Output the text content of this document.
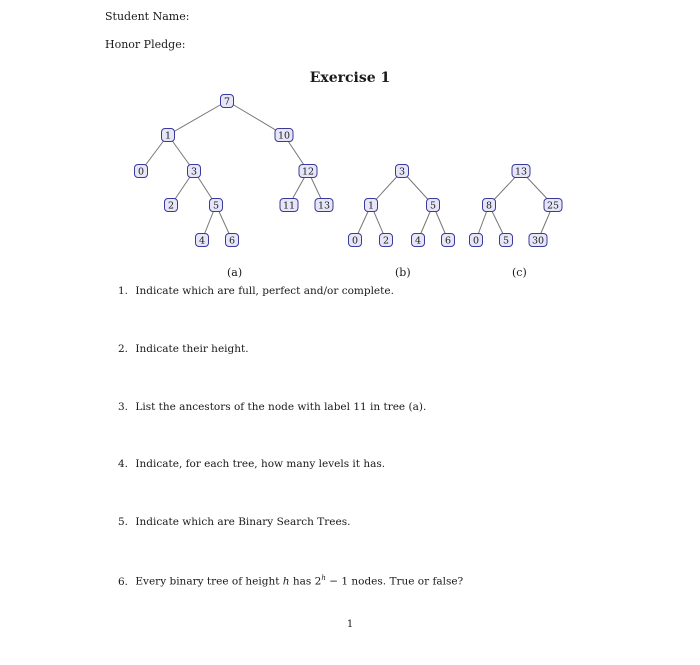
Student Name:
Honor Pledge:
Exercise 1
7
1	10
0	3	12
2	5	11 13
4	6
3
1	5
0	2	4	6
13
8	25
0	5 30
(a)	(b)	(c)
1. Indicate which are full, perfect and/or complete.
2. Indicate their height.
3. List the ancestors of the node with label 11 in tree (a).
4. Indicate, for each tree, how many levels it has.
5. Indicate which are Binary Search Trees.
6. Every binary tree of height h has $2^h - 1$ nodes. True or false?
1
